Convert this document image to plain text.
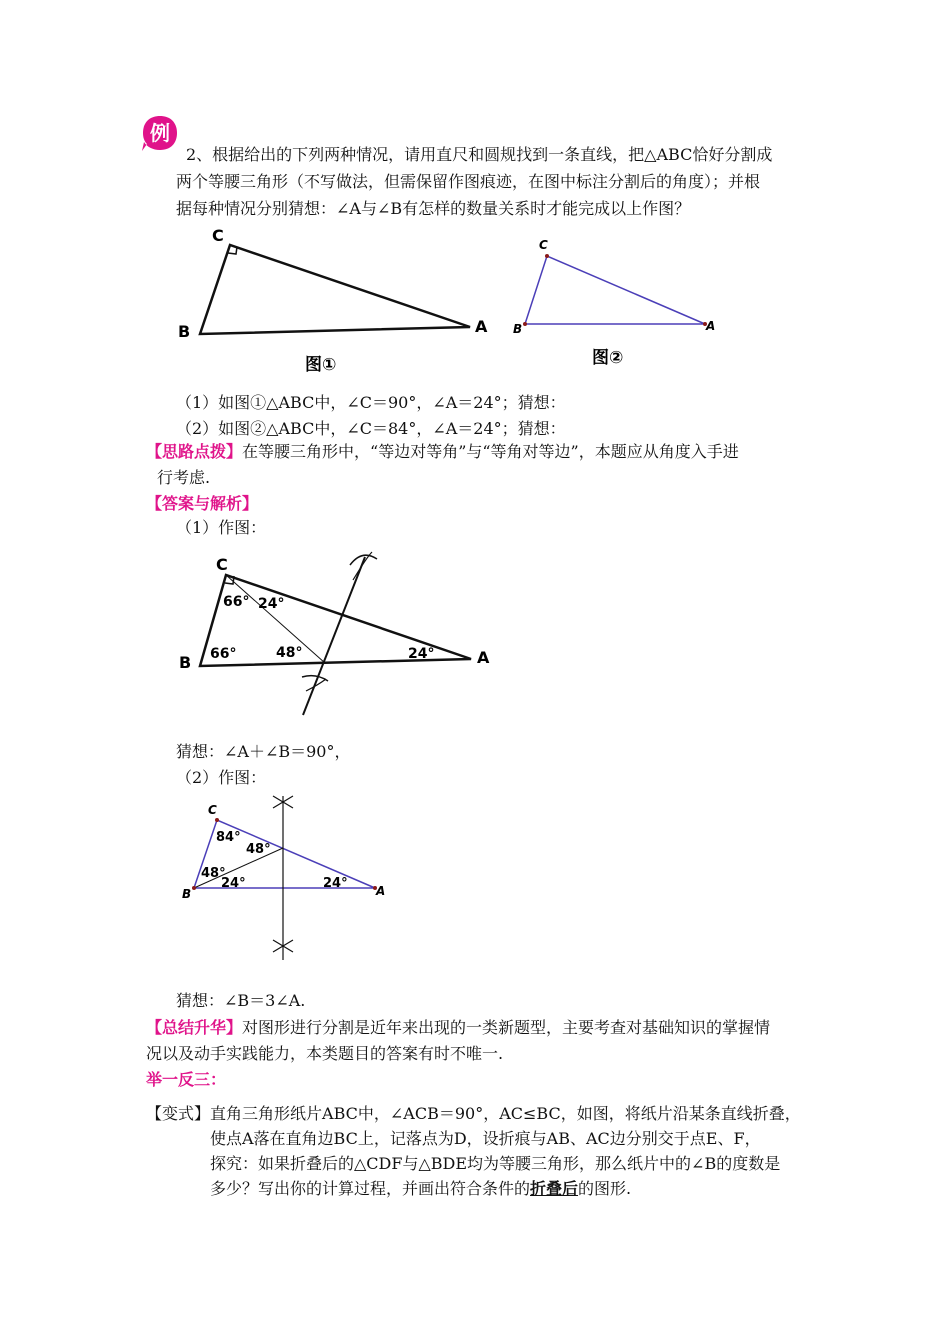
例
2、根据给出的下列两种情况，请用直尺和圆规找到一条直线，把△ABC恰好分割成
两个等腰三角形（不写做法，但需保留作图痕迹，在图中标注分割后的角度）；并根
据每种情况分别猜想：∠A与∠B有怎样的数量关系时才能完成以上作图？
C
B	A
图①
C
B	A
图②
（1）如图①△ABC中，∠C＝90°，∠A＝24°；猜想：
（2）如图②△ABC中，∠C＝84°，∠A＝24°；猜想：
【思路点拨】在等腰三角形中，“等边对等角”与“等角对等边”，本题应从角度入手进
行考虑.
【答案与解析】
（1）作图：
C
B	A
66° 24°
66°	48°	24°
猜想：∠A＋∠B＝90°，
（2）作图：
C
B	A
84°
48°
48°
24°	24°
猜想：∠B＝3∠A.
【总结升华】对图形进行分割是近年来出现的一类新题型，主要考查对基础知识的掌握情
况以及动手实践能力，本类题目的答案有时不唯一.
举一反三：
【变式】直角三角形纸片ABC中，∠ACB＝90°，AC≤BC，如图，将纸片沿某条直线折叠，
使点A落在直角边BC上，记落点为D，设折痕与AB、AC边分别交于点E、F，
探究：如果折叠后的△CDF与△BDE均为等腰三角形，那么纸片中的∠B的度数是
多少？写出你的计算过程，并画出符合条件的折叠后的图形.
